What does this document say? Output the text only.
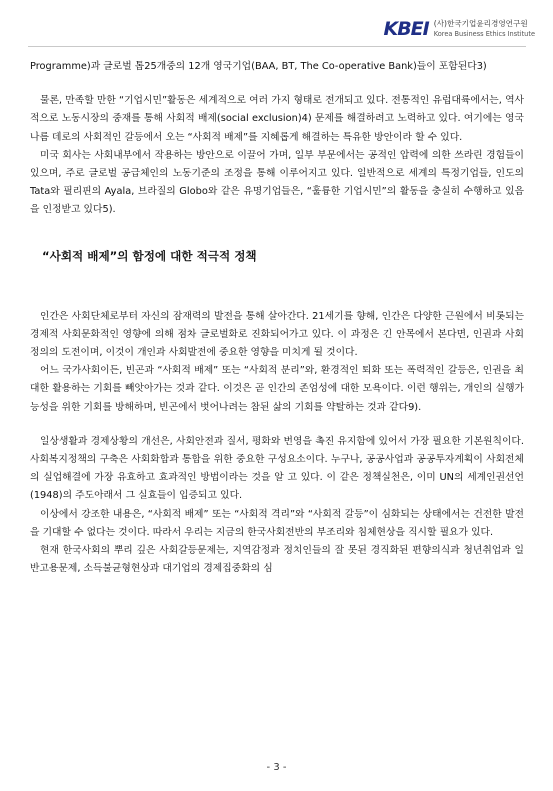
KBEI (사)한국기업윤리경영연구원
Korea Business Ethics Institute

Programme)과 글로벌 톱25개중의 12개 영국기업(BAA, BT, The Co-operative Bank)들이 포함된다3)

물론, 만족할 만한 “기업시민”활동은 세계적으로 여러 가지 형태로 전개되고 있다. 전통적인 유럽대륙에서는, 역사적으로 노동시장의 중재를 통해 사회적 배제(social exclusion)4) 문제를 해결하려고 노력하고 있다. 여기에는 영국 나름 데로의 사회적인 갈등에서 오는 “사회적 배제”를 지혜롭게 해결하는 특유한 방안이라 할 수 있다.

미국 회사는 사회내부에서 작용하는 방안으로 이끌어 가며, 일부 부문에서는 공적인 압력에 의한 쓰라린 경험들이 있으며, 주로 글로벌 공급체인의 노동기준의 조정을 통해 이루어지고 있다. 일반적으로 세계의 특정기업들, 인도의 Tata와 필리핀의 Ayala, 브라질의 Globo와 같은 유명기업들은, “훌륭한 기업시민”의 활동을 충실히 수행하고 있음을 인정받고 있다5).

“사회적 배제”의 함정에 대한 적극적 정책

인간은 사회단체로부터 자신의 잠재력의 발전을 통해 살아간다. 21세기를 향해, 인간은 다양한 근원에서 비롯되는 경제적 사회문화적인 영향에 의해 점차 글로벌화로 진화되어가고 있다. 이 과정은 긴 안목에서 본다면, 인권과 사회정의의 도전이며, 이것이 개인과 사회발전에 중요한 영향을 미치게 될 것이다.

어느 국가사회이든, 빈곤과 “사회적 배제” 또는 “사회적 분리”와, 환경적인 퇴화 또는 폭력적인 갈등은, 인권을 최대한 활용하는 기회를 빼앗아가는 것과 같다. 이것은 곧 인간의 존엄성에 대한 모욕이다. 이런 행위는, 개인의 실행가능성을 위한 기회를 방해하며, 빈곤에서 벗어나려는 참된 삶의 기회를 약탈하는 것과 같다9).

일상생활과 경제상황의 개선은, 사회안전과 질서, 평화와 번영을 촉진 유지함에 있어서 가장 필요한 기본원칙이다. 사회복지정책의 구축은 사회화합과 통합을 위한 중요한 구성요소이다. 누구나, 공공사업과 공공투자계획이 사회전체의 실업해결에 가장 유효하고 효과적인 방법이라는 것을 알 고 있다. 이 같은 정책실천은, 이미 UN의 세계인권선언(1948)의 주도아래서 그 실효들이 입증되고 있다.

이상에서 강조한 내용은, “사회적 배제” 또는 “사회적 격리”와 “사회적 갈등”이 심화되는 상태에서는 건전한 발전을 기대할 수 없다는 것이다. 따라서 우리는 지금의 한국사회전반의 부조리와 침체현상을 직시할 필요가 있다.

현재 한국사회의 뿌리 깊은 사회갈등문제는, 지역감정과 정치인들의 잘 못된 경직화된 편향의식과 청년취업과 일반고용문제, 소득불균형현상과 대기업의 경제집중화의 심

- 3 -
